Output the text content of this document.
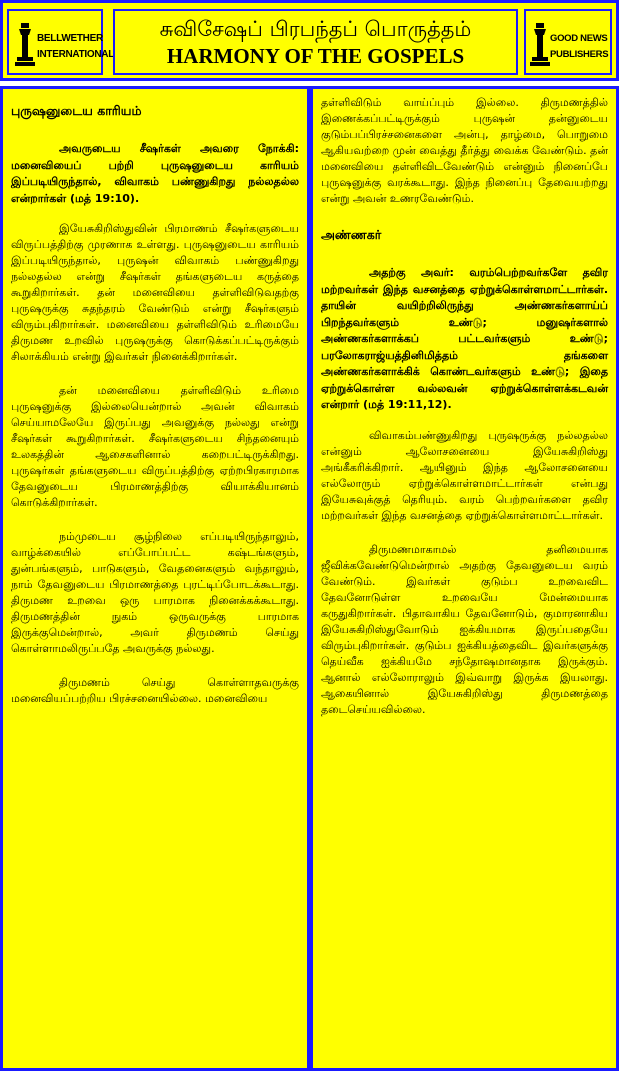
BELLWETHER
INTERNATIONAL
சுவிசேஷப் பிரபந்தப் பொருத்தம்
HARMONY OF THE GOSPELS
GOOD NEWS
PUBLISHERS
புருஷனுடைய காரியம்

அவருடைய சீஷர்கள் அவரை நோக்கி: மனைவியைப் பற்றி புருஷனுடைய காரியம் இப்படியிருந்தால், விவாகம் பண்ணுகிறது நல்லதல்ல என்றார்கள் (மத் 19:10).

இயேசுகிறிஸ்துவின் பிரமாணம் சீஷர்களுடைய விருப்பத்திற்கு முரணாக உள்ளது. புருஷனுடைய காரியம் இப்படியிருந்தால், புருஷன் விவாகம் பண்ணுகிறது நல்லதல்ல என்று சீஷர்கள் தங்களுடைய கருத்தை கூறுகிறார்கள். தன் மனைவியை தள்ளிவிடுவதற்கு புருஷருக்கு சுதந்தரம் வேண்டும் என்று சீஷர்களும் விரும்புகிறார்கள். மனைவியை தள்ளிவிடும் உரிமையே திருமண உறவில் புருஷருக்கு கொடுக்கப்பட்டிருக்கும் சிலாக்கியம் என்று இவர்கள் நினைக்கிறார்கள்.

தன் மனைவியை தள்ளிவிடும் உரிமை புருஷனுக்கு இல்லையென்றால் அவன் விவாகம் செய்யாமலேயே இருப்பது அவனுக்கு நல்லது என்று சீஷர்கள் கூறுகிறார்கள். சீஷர்களுடைய சிந்தனையும் உலகத்தின் ஆசைகளினால் கறைபட்டிருக்கிறது. புருஷர்கள் தங்களுடைய விருப்பத்திற்கு ஏற்றபிரகாரமாக தேவனுடைய பிரமாணத்திற்கு வியாக்கியானம் கொடுக்கிறார்கள்.

நம்முடைய சூழ்நிலை எப்படியிருந்தாலும், வாழ்க்கையில் எப்போப்பட்ட கஷ்டங்களும், துன்பங்களும், பாடுகளும், வேதனைகளும் வந்தாலும், நாம் தேவனுடைய பிரமாணத்தை புரட்டிப்போடக்கூடாது. திருமண உறவை ஒரு பாரமாக நினைக்கக்கூடாது. திருமணத்தின் நுகம் ஒருவருக்கு பாரமாக இருக்குமென்றால், அவர் திருமணம் செய்து கொள்ளாமலிருப்பதே அவருக்கு நல்லது.

திருமணம் செய்து கொள்ளாதவருக்கு மனைவியப்பற்றிய பிரச்சனையில்லை. மனைவியை

தள்ளிவிடும் வாய்ப்பும் இல்லை. திருமணத்தில் இணைக்கப்பட்டிருக்கும் புருஷன் தன்னுடைய குடும்பப்பிரச்சனைகளை அன்பு, தாழ்மை, பொறுமை ஆகியவற்றை முன் வைத்து தீர்த்து வைக்க வேண்டும். தன் மனைவியை தள்ளிவிடவேண்டும் என்னும் நினைப்பே புருஷனுக்கு வரக்கூடாது. இந்த நினைப்பு தேவையற்றது என்று அவன் உணரவேண்டும்.

அண்ணகர்

அதற்கு அவர்: வரம்பெற்றவர்களே தவிர மற்றவர்கள் இந்த வசனத்தை ஏற்றுக்கொள்ளமாட்டார்கள். தாயின் வயிற்றிலிருந்து அண்ணகர்களாய்ப் பிறந்தவர்களும் உண்டு; மனுஷர்களால் அண்ணகர்களாக்கப் பட்டவர்களும் உண்டு; பரலோகராஜ்யத்தினிமித்தம் தங்களை அண்ணகர்களாக்கிக் கொண்டவர்களும் உண்டு; இதை ஏற்றுக்கொள்ள வல்லவன் ஏற்றுக்கொள்ளக்கடவன் என்றார் (மத் 19:11,12).

விவாகம்பண்ணுகிறது புருஷருக்கு நல்லதல்ல என்னும் ஆலோசனையை இயேசுகிறிஸ்து அங்கீகரிக்கிறார். ஆயினும் இந்த ஆலோசனையை எல்லோரும் ஏற்றுக்கொள்ளமாட்டார்கள் என்பது இயேசுவுக்குத் தெரியும். வரம் பெற்றவர்களை தவிர மற்றவர்கள் இந்த வசனத்தை ஏற்றுக்கொள்ளமாட்டார்கள்.

திருமணமாகாமல் தனிமையாக ஜீவிக்கவேண்டுமென்றால் அதற்கு தேவனுடைய வரம் வேண்டும். இவர்கள் குடும்ப உறவைவிட தேவனோடுள்ள உறவையே மேன்மையாக கருதுகிறார்கள். பிதாவாகிய தேவனோடும், குமாரனாகிய இயேசுகிறிஸ்துவோடும் ஐக்கியமாக இருப்பதையே விரும்புகிறார்கள். குடும்ப ஐக்கியத்தைவிட இவர்களுக்கு தெய்வீக ஐக்கியமே சந்தோஷமானதாக இருக்கும். ஆனால் எல்லோராலும் இவ்வாறு இருக்க இயலாது. ஆகையினால் இயேசுகிறிஸ்து திருமணத்தை தடைசெய்யவில்லை.
